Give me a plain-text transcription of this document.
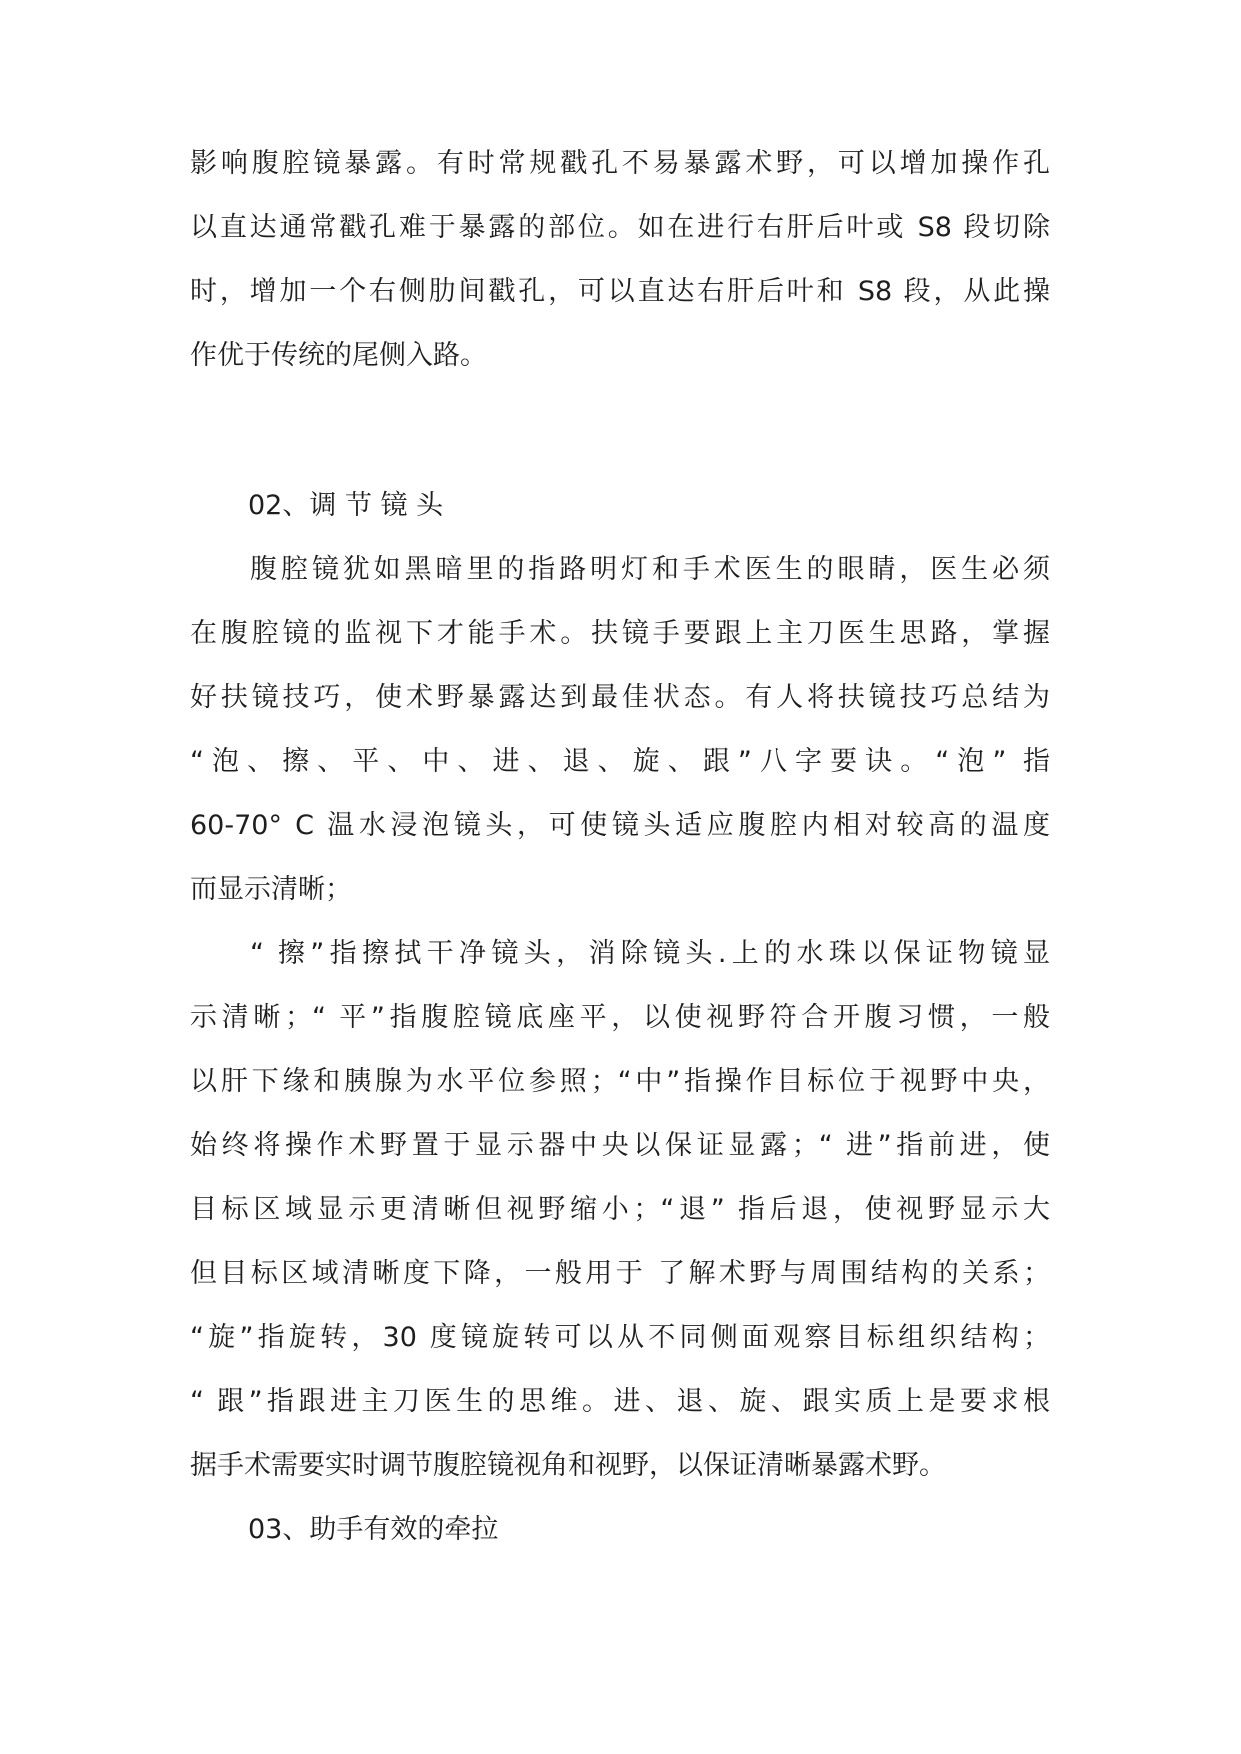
影响腹腔镜暴露。有时常规戳孔不易暴露术野，可以增加操作孔
以直达通常戳孔难于暴露的部位。如在进行右肝后叶或 S8 段切除
时，增加一个右侧肋间戳孔，可以直达右肝后叶和 S8 段，从此操
作优于传统的尾侧入路。
02、调 节 镜 头
腹腔镜犹如黑暗里的指路明灯和手术医生的眼睛，医生必须
在腹腔镜的监视下才能手术。扶镜手要跟上主刀医生思路，掌握
好扶镜技巧，使术野暴露达到最佳状态。有人将扶镜技巧总结为
“泡、擦、平、中、进、退、旋、跟”八字要诀。“泡” 指
60-70° C 温水浸泡镜头，可使镜头适应腹腔内相对较高的温度
而显示清晰；
“ 擦”指擦拭干净镜头，消除镜头.上的水珠以保证物镜显
示清晰；“ 平”指腹腔镜底座平，以使视野符合开腹习惯，一般
以肝下缘和胰腺为水平位参照；“中”指操作目标位于视野中央，
始终将操作术野置于显示器中央以保证显露；“ 进”指前进，使
目标区域显示更清晰但视野缩小；“退” 指后退，使视野显示大
但目标区域清晰度下降，一般用于 了解术野与周围结构的关系；
“旋”指旋转，30 度镜旋转可以从不同侧面观察目标组织结构；
“ 跟”指跟进主刀医生的思维。进、退、旋、跟实质上是要求根
据手术需要实时调节腹腔镜视角和视野，以保证清晰暴露术野。
03、助手有效的牵拉
